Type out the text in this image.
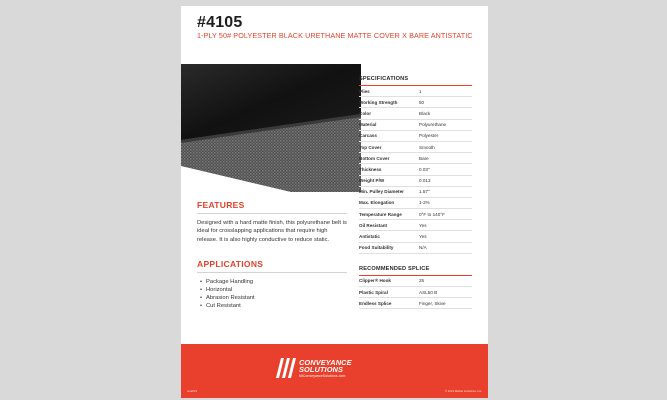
#4105
1-PLY 50# POLYESTER BLACK URETHANE MATTE COVER X BARE ANTISTATIC
SPECIFICATIONS
Plies	1
Working Strength	50
Color	Black
Material	Polyurethane
Carcass	Polyester
Top Cover	Smooth
Bottom Cover	Bare
Thickness	0.03"
Weight P/W	0.013
Min. Pulley Diameter	1.57"
Max. Elongation	1-2%
Temperature Range	0°F to 140°F
Oil Resistant	Yes
Antistatic	Yes
Food Suitability	N/A
RECOMMENDED SPLICE
Clipper® Hook	25
Plastic Spiral	ASL50 B
Endless Splice	Finger, Skive
FEATURES
Designed with a hard matte finish, this polyurethane belt is ideal for crosslapping applications that require high release. It is also highly conductive to reduce static.
APPLICATIONS
• Package Handling
• Horizontal
• Abrasion Resistant
• Cut Resistant
CONVEYANCE
SOLUTIONS
MIConveyanceSolutions.com
rev2023	© 2023 Mellott Industries, Inc.
